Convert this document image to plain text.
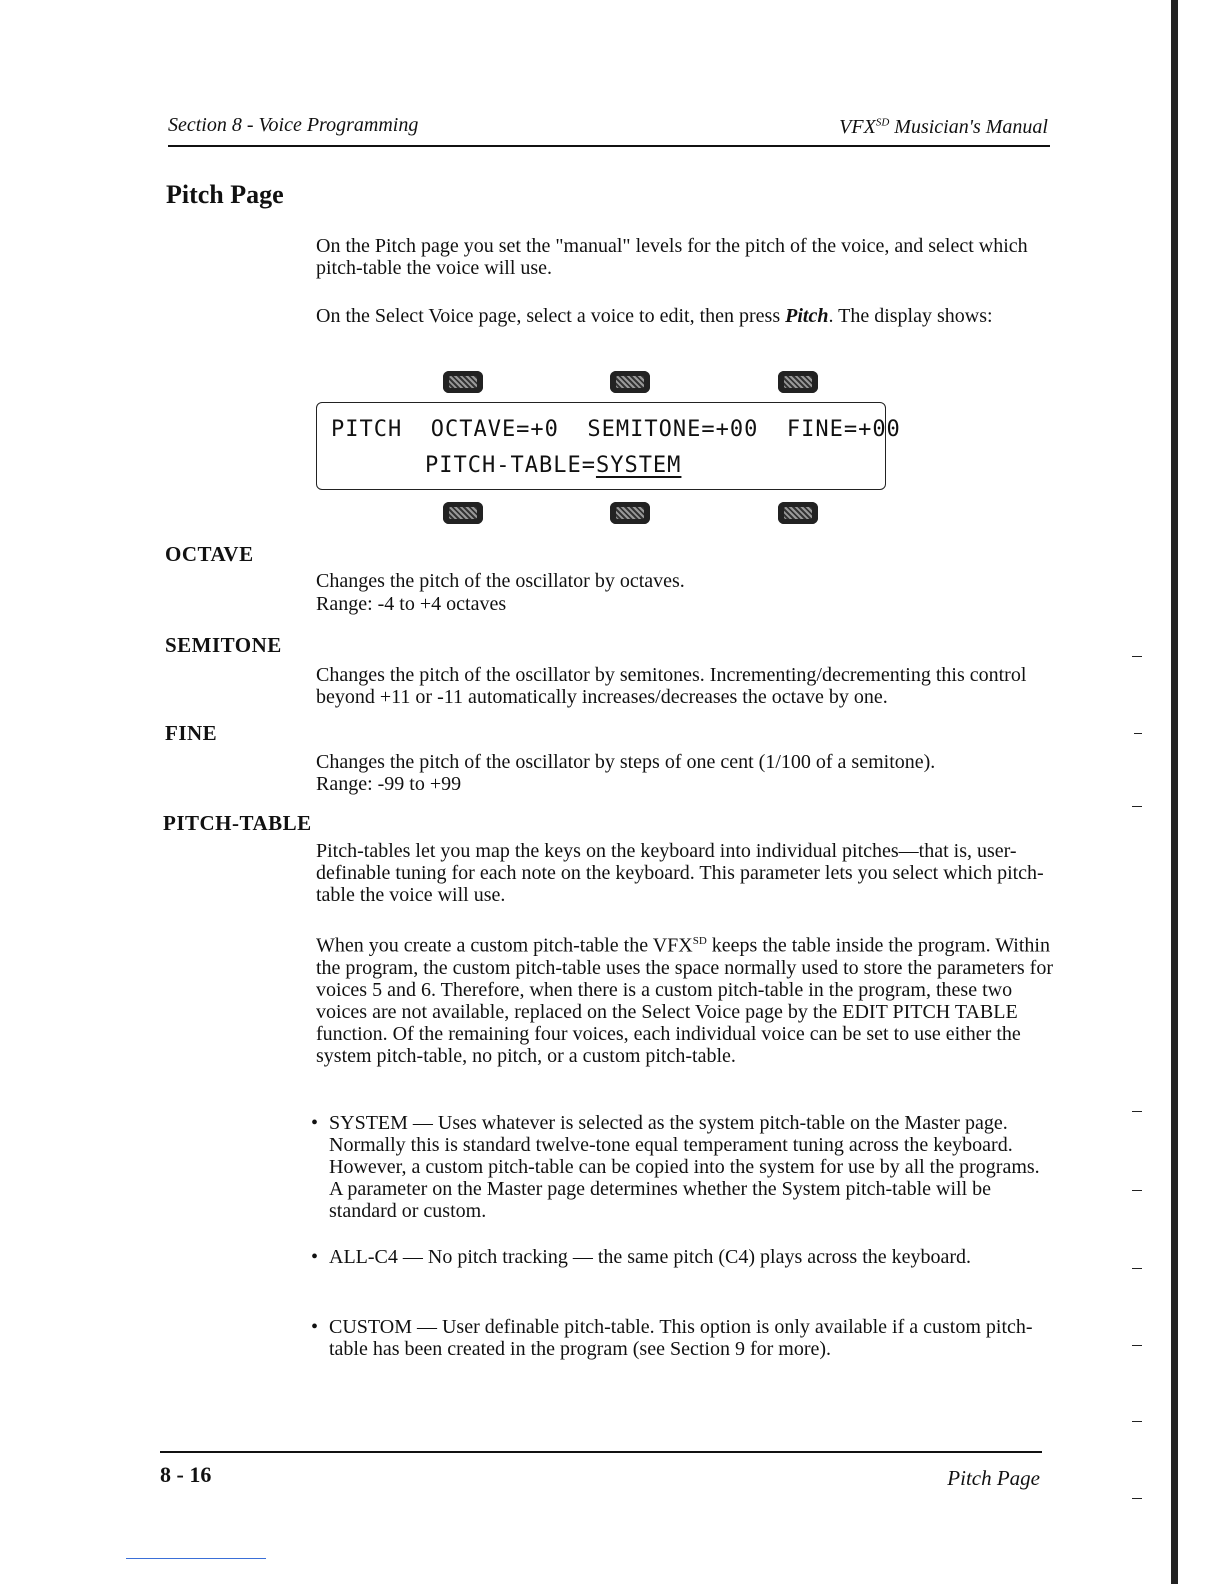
Section 8 - Voice Programming	$VFX^{SD}$ Musician's Manual
Pitch Page
On the Pitch page you set the "manual" levels for the pitch of the voice, and select which pitch-table the voice will use.
On the Select Voice page, select a voice to edit, then press Pitch. The display shows:
PITCH  OCTAVE=+0  SEMITONE=+00  FINE=+00
PITCH-TABLE=SYSTEM
OCTAVE
Changes the pitch of the oscillator by octaves.
Range: -4 to +4 octaves
SEMITONE
Changes the pitch of the oscillator by semitones. Incrementing/decrementing this control beyond +11 or -11 automatically increases/decreases the octave by one.
FINE
Changes the pitch of the oscillator by steps of one cent (1/100 of a semitone).
Range: -99 to +99
PITCH-TABLE
Pitch-tables let you map the keys on the keyboard into individual pitches—that is, user-definable tuning for each note on the keyboard. This parameter lets you select which pitch-table the voice will use.
When you create a custom pitch-table the $VFX^{SD}$ keeps the table inside the program. Within the program, the custom pitch-table uses the space normally used to store the parameters for voices 5 and 6. Therefore, when there is a custom pitch-table in the program, these two voices are not available, replaced on the Select Voice page by the EDIT PITCH TABLE function. Of the remaining four voices, each individual voice can be set to use either the system pitch-table, no pitch, or a custom pitch-table.
• SYSTEM — Uses whatever is selected as the system pitch-table on the Master page. Normally this is standard twelve-tone equal temperament tuning across the keyboard. However, a custom pitch-table can be copied into the system for use by all the programs. A parameter on the Master page determines whether the System pitch-table will be standard or custom.
• ALL-C4 — No pitch tracking — the same pitch (C4) plays across the keyboard.
• CUSTOM — User definable pitch-table. This option is only available if a custom pitch-table has been created in the program (see Section 9 for more).
8 - 16	Pitch Page
